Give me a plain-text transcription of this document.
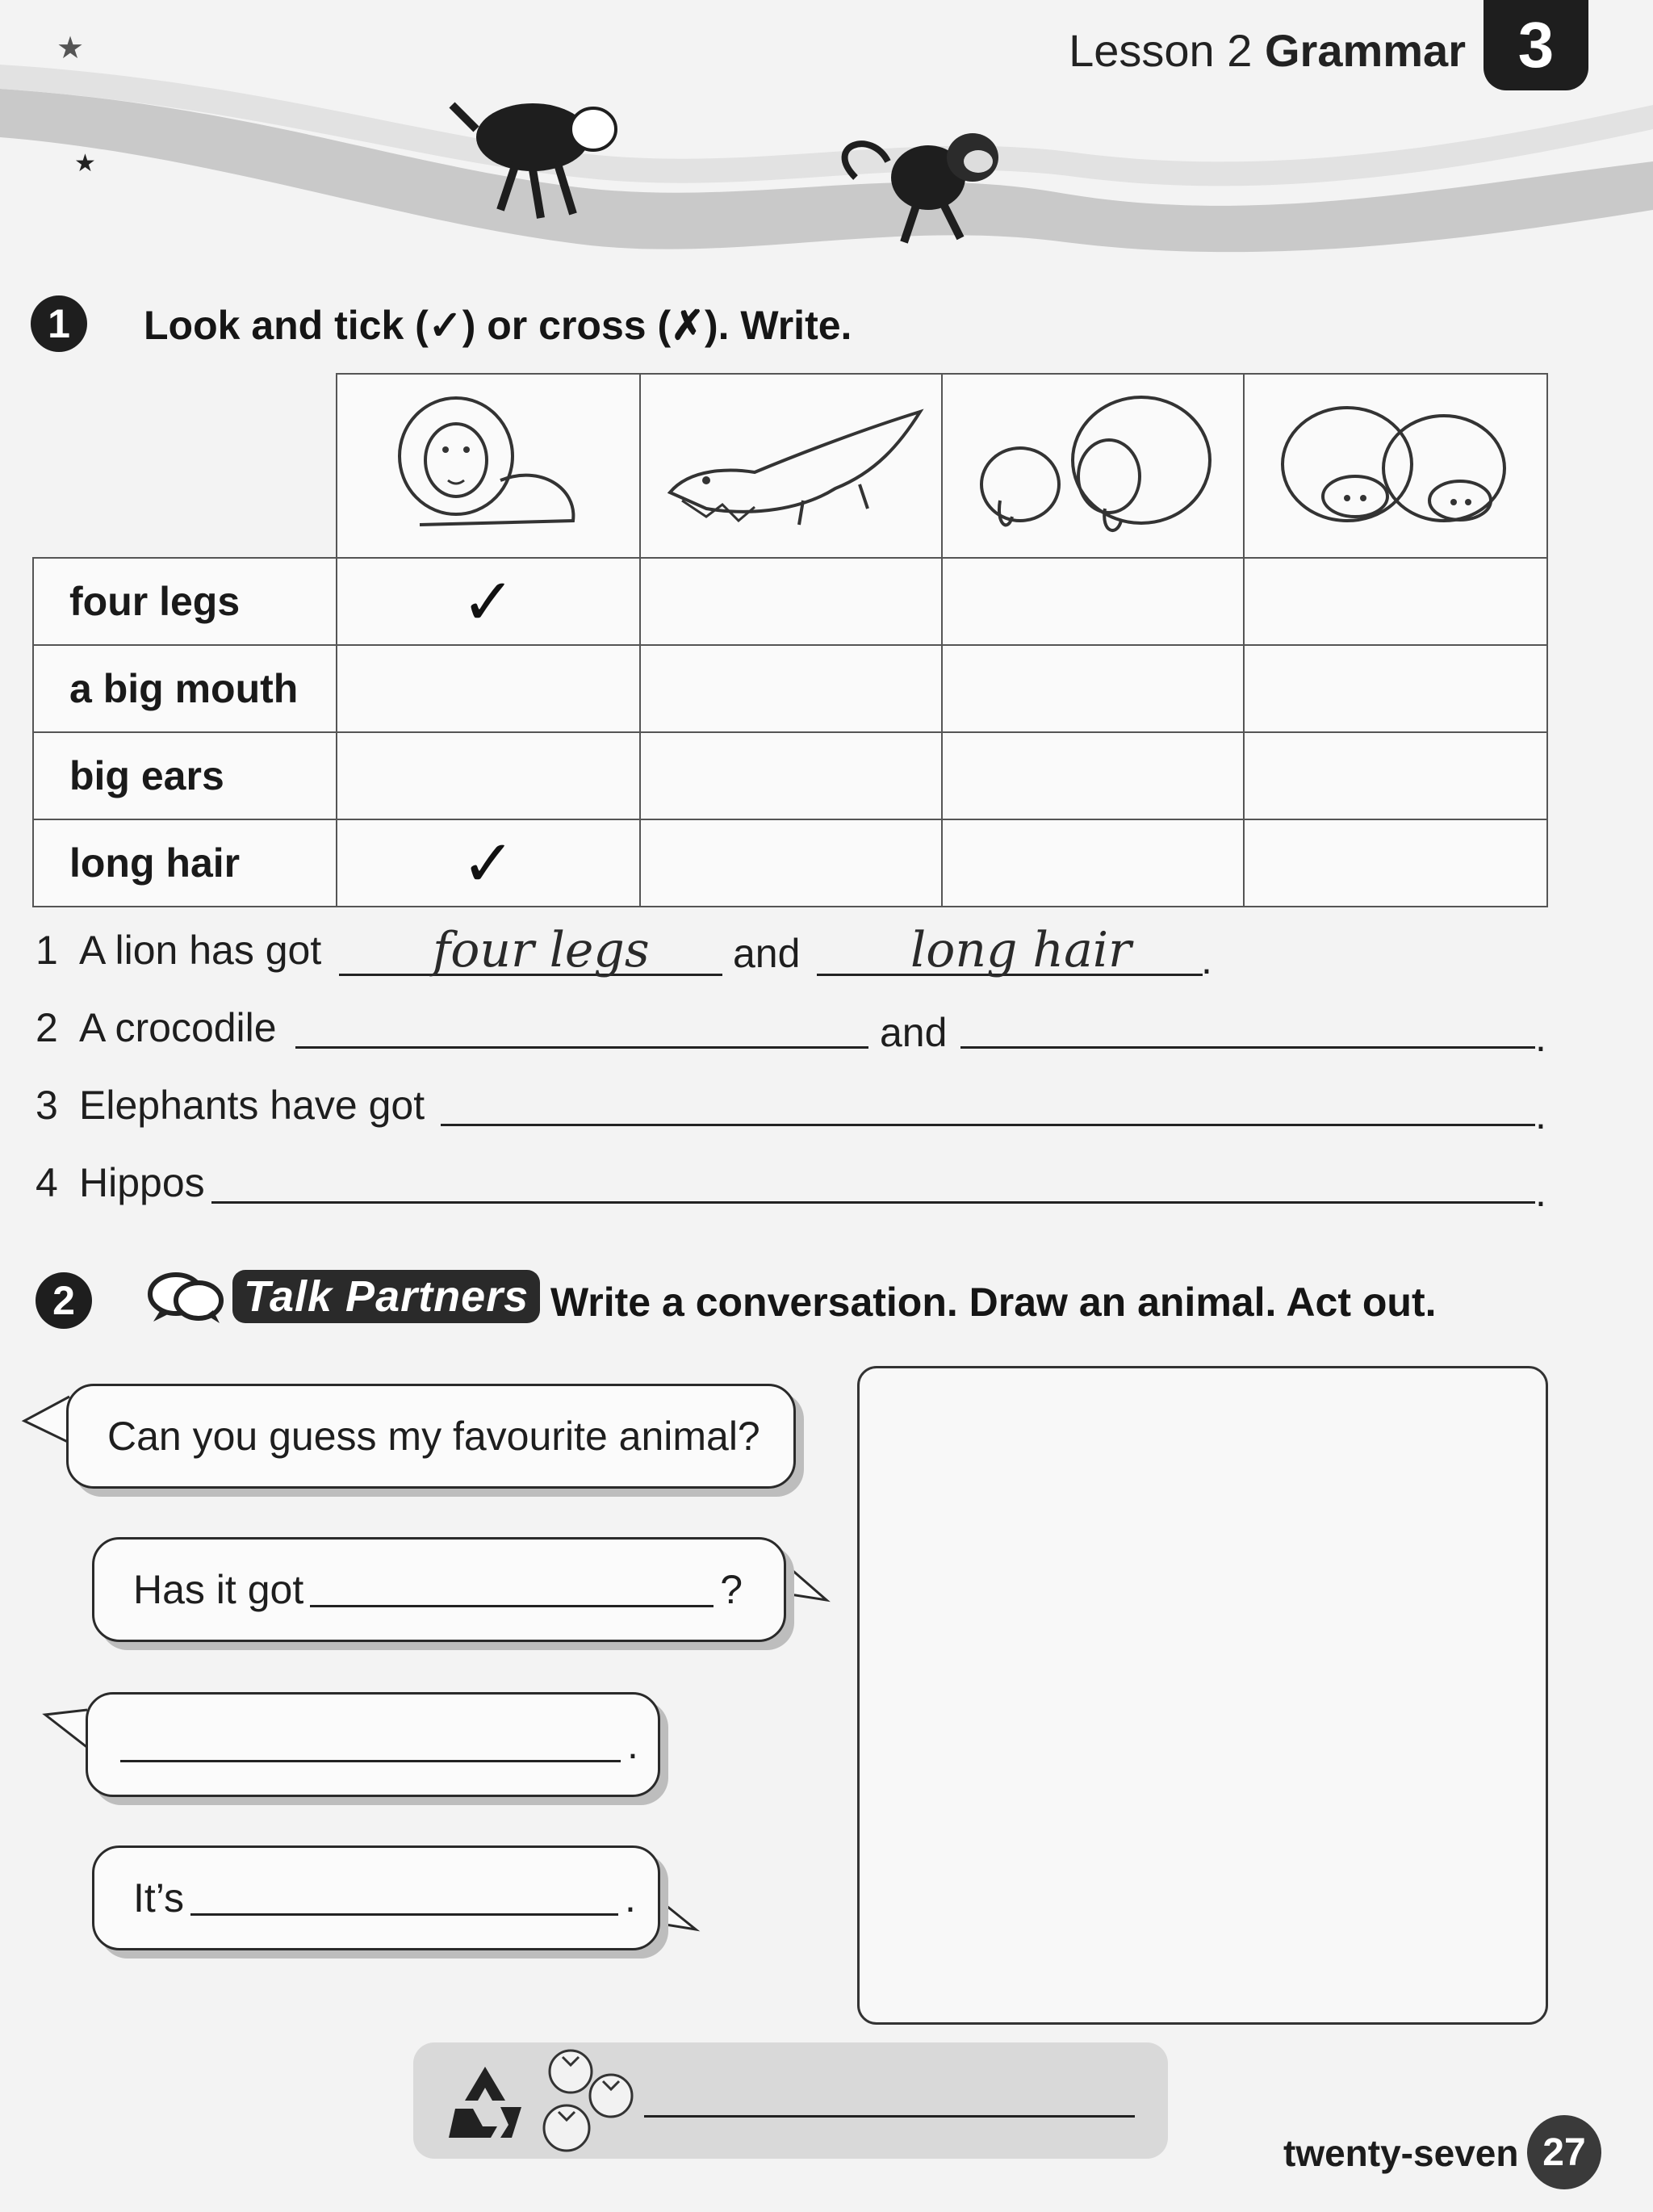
★
★
Lesson 2 Grammar 3
1	Look and tick (✓) or cross (✗). Write.

four legs	✓			
a big mouth				
big ears				
long hair	✓			
1 A lion has got four legs and long hair .
2 A crocodile	and	.
3 Elephants have got	.
4 Hippos	.
2	Talk Partners Write a conversation. Draw an animal. Act out.
Can you guess my favourite animal?
Has it got	?
.
It’s	.
twenty-seven 27
